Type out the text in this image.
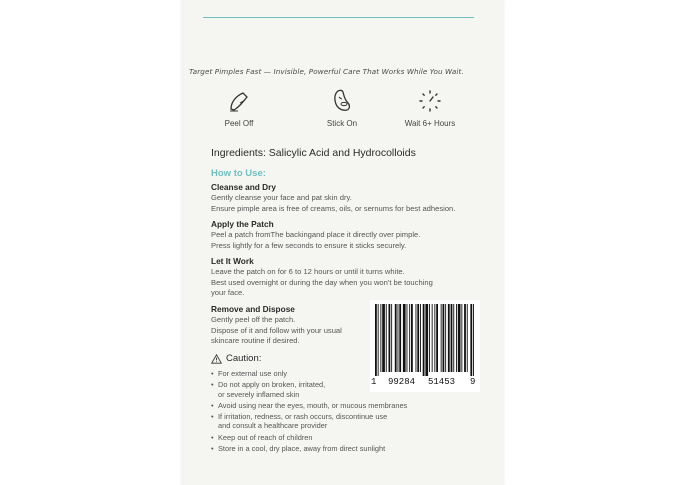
Target Pimples Fast — Invisible, Powerful Care That Works While You Wait.
Peel Off	Stick On	Wait 6+ Hours
Ingredients: Salicylic Acid and Hydrocolloids
How to Use:
Cleanse and Dry
Gently cleanse your face and pat skin dry.
Ensure pimple area is free of creams, oils, or sernums for best adhesion.
Apply the Patch
Peel a patch fromThe backingand place it directly over pimple.
Press lightly for a few seconds to ensure it sticks securely.
Let It Work
Leave the patch on for 6 to 12 hours or until it turns white.
Best used overnight or during the day when you won't be touching
your face.
Remove and Dispose
Gently peel off the patch.
Dispose of it and follow with your usual
skincare routine if desired.
Caution:
• For external use only
• Do not apply on broken, irritated,
or severely inflamed skin
• Avoid using near the eyes, mouth, or mucous membranes
• If irritation, redness, or rash occurs, discontinue use
and consult a healthcare provider
• Keep out of reach of children
• Store in a cool, dry place, away from direct sunlight
1 99284 51453 9
